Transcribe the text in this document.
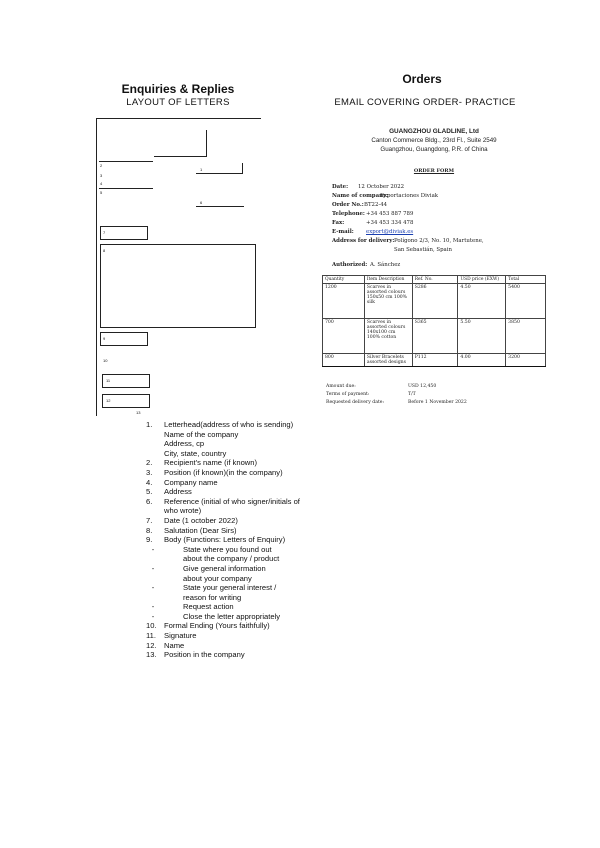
Enquiries & Replies
LAYOUT OF LETTERS
Orders
EMAIL COVERING ORDER- PRACTICE
2
3
1
4
5
6
7
8
9
10
11
12
13
GUANGZHOU GLADLINE, Ltd
Canton Commerce Bldg., 23rd Fl., Suite 2549
Guangzhou, Guangdong, P.R. of China
ORDER FORM
Date: 12 October 2022
Name of company:
Exportaciones Diviak
Order No.: BT22-44
Telephone: +34 453 887 789
Fax:	+34 453 334 478
E-mail: export@diviak.es
Address for delivery: Polígono 2/3, No. 10, Martutene,
San Sebastián, Spain
Authorized: A. Sánchez
Quantity	Item Description	Ref. No.	USD price (EXW)	Total
1200	Scarves in assorted colours 150x50 cm 100% silk	S286	4.50	5400
700	Scarves in assorted colours 140x100 cm 100% cotton	S365	5.50	3850
800	Silver Bracelets assorted designs	P112	4.00	3200
Amount due:	USD 12,450
Terms of payment:	T/T
Requested delivery date:	Before 1 November 2022
1.	Letterhead(address of who is sending)
Name of the company
Address, cp
City, state, country
2.	Recipient's name (if known)
3.	Position (if known)(in the company)
4.	Company name
5.	Address
6.	Reference (initial of who signer/initials of
who wrote)
7.	Date (1 october 2022)
8.	Salutation (Dear Sirs)
9.	Body (Functions: Letters of Enquiry)
-	State where you found out
about the company / product
-	Give general information
about your company
-	State your general interest /
reason for writing
-	Request action
-	Close the letter appropriately
10. Formal Ending (Yours faithfully)
11.	Signature
12. Name
13. Position in the company
